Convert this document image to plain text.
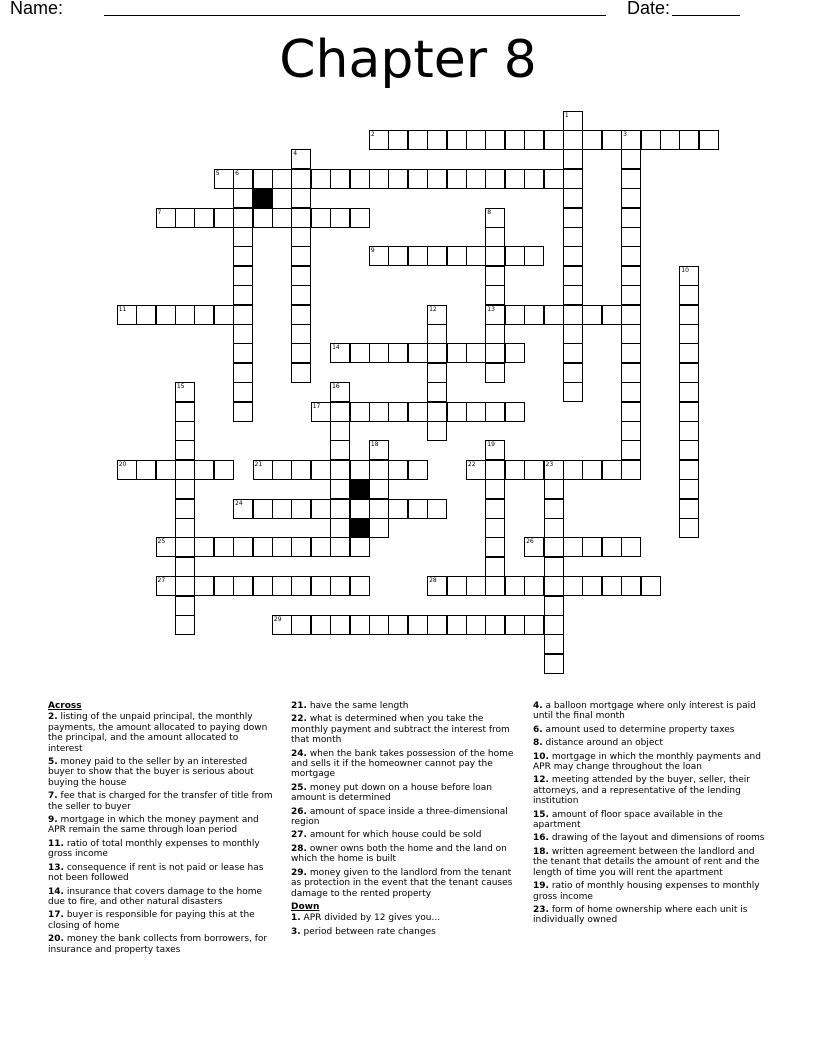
Name:	Date:
Chapter 8
2	3
5	6
7
9
11	13
14
17
20	21	22	23
24
25	26
27	28
29
1
4
8
10
12
15	16
18	19
Across
2. listing of the unpaid principal, the monthly payments, the amount allocated to paying down the principal, and the amount allocated to interest
5. money paid to the seller by an interested buyer to show that the buyer is serious about buying the house
7. fee that is charged for the transfer of title from the seller to buyer
9. mortgage in which the money payment and APR remain the same through loan period
11. ratio of total monthly expenses to monthly gross income
13. consequence if rent is not paid or lease has not been followed
14. insurance that covers damage to the home due to fire, and other natural disasters
17. buyer is responsible for paying this at the closing of home
20. money the bank collects from borrowers, for insurance and property taxes
21. have the same length
22. what is determined when you take the monthly payment and subtract the interest from that month
24. when the bank takes possession of the home and sells it if the homeowner cannot pay the mortgage
25. money put down on a house before loan amount is determined
26. amount of space inside a three-dimensional region
27. amount for which house could be sold
28. owner owns both the home and the land on which the home is built
29. money given to the landlord from the tenant as protection in the event that the tenant causes damage to the rented property
Down
1. APR divided by 12 gives you...
3. period between rate changes
4. a balloon mortgage where only interest is paid until the final month
6. amount used to determine property taxes
8. distance around an object
10. mortgage in which the monthly payments and APR may change throughout the loan
12. meeting attended by the buyer, seller, their attorneys, and a representative of the lending institution
15. amount of floor space available in the apartment
16. drawing of the layout and dimensions of rooms
18. written agreement between the landlord and the tenant that details the amount of rent and the length of time you will rent the apartment
19. ratio of monthly housing expenses to monthly gross income
23. form of home ownership where each unit is individually owned
